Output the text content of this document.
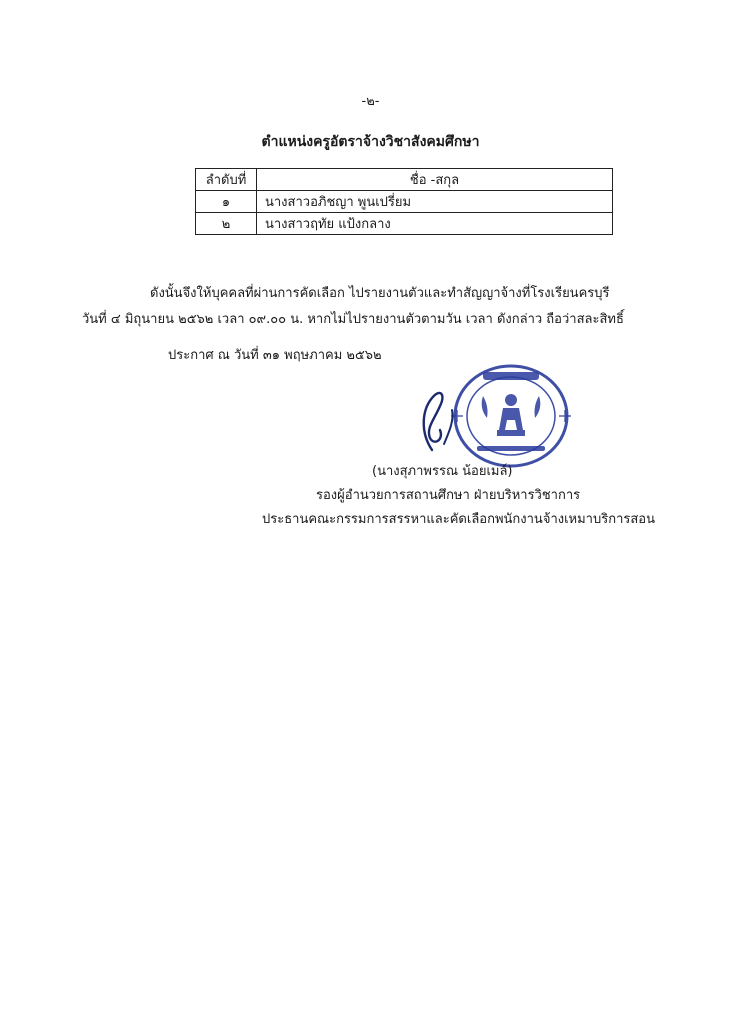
-๒-
ตำแหน่งครูอัตราจ้างวิชาสังคมศึกษา
ลำดับที่	ชื่อ -สกุล
๑	นางสาวอภิชญา พูนเปรี่ยม
๒	นางสาวฤทัย แป้งกลาง
ดังนั้นจึงให้บุคคลที่ผ่านการคัดเลือก ไปรายงานตัวและทำสัญญาจ้างที่โรงเรียนครบุรี
วันที่ ๔ มิถุนายน ๒๕๖๒ เวลา ๐๙.๐๐ น. หากไม่ไปรายงานตัวตามวัน เวลา ดังกล่าว ถือว่าสละสิทธิ์
ประกาศ ณ วันที่ ๓๑ พฤษภาคม ๒๕๖๒
(นางสุภาพรรณ น้อยเมล์)
รองผู้อำนวยการสถานศึกษา ฝ่ายบริหารวิชาการ
ประธานคณะกรรมการสรรหาและคัดเลือกพนักงานจ้างเหมาบริการสอน
